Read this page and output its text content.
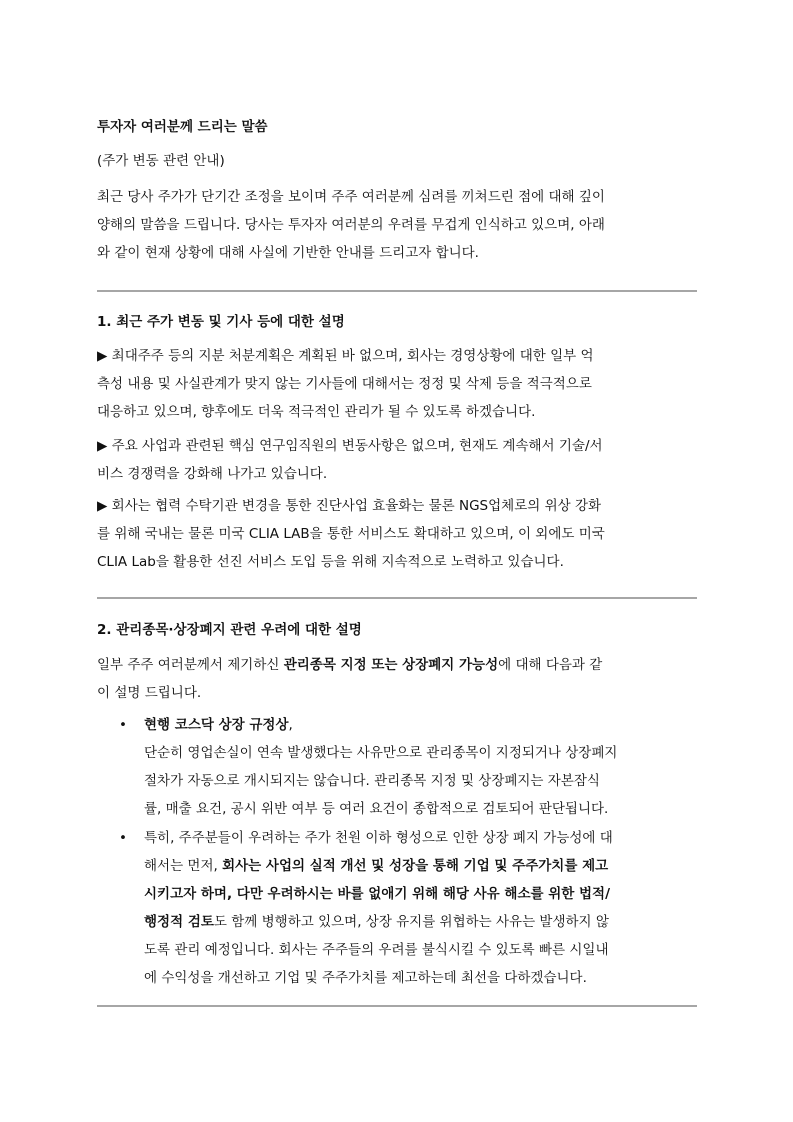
투자자 여러분께 드리는 말씀
(주가 변동 관련 안내)
최근 당사 주가가 단기간 조정을 보이며 주주 여러분께 심려를 끼쳐드린 점에 대해 깊이
양해의 말씀을 드립니다. 당사는 투자자 여러분의 우려를 무겁게 인식하고 있으며, 아래
와 같이 현재 상황에 대해 사실에 기반한 안내를 드리고자 합니다.
1. 최근 주가 변동 및 기사 등에 대한 설명
▶ 최대주주 등의 지분 처분계획은 계획된 바 없으며, 회사는 경영상황에 대한 일부 억
측성 내용 및 사실관계가 맞지 않는 기사들에 대해서는 정정 및 삭제 등을 적극적으로
대응하고 있으며, 향후에도 더욱 적극적인 관리가 될 수 있도록 하겠습니다.
▶ 주요 사업과 관련된 핵심 연구임직원의 변동사항은 없으며, 현재도 계속해서 기술/서
비스 경쟁력을 강화해 나가고 있습니다.
▶ 회사는 협력 수탁기관 변경을 통한 진단사업 효율화는 물론 NGS업체로의 위상 강화
를 위해 국내는 물론 미국 CLIA LAB을 통한 서비스도 확대하고 있으며, 이 외에도 미국
CLIA Lab을 활용한 선진 서비스 도입 등을 위해 지속적으로 노력하고 있습니다.
2. 관리종목·상장폐지 관련 우려에 대한 설명
일부 주주 여러분께서 제기하신 관리종목 지정 또는 상장폐지 가능성에 대해 다음과 같
이 설명 드립니다.
• 현행 코스닥 상장 규정상,
단순히 영업손실이 연속 발생했다는 사유만으로 관리종목이 지정되거나 상장폐지
절차가 자동으로 개시되지는 않습니다. 관리종목 지정 및 상장폐지는 자본잠식
률, 매출 요건, 공시 위반 여부 등 여러 요건이 종합적으로 검토되어 판단됩니다.
• 특히, 주주분들이 우려하는 주가 천원 이하 형성으로 인한 상장 폐지 가능성에 대
해서는 먼저, 회사는 사업의 실적 개선 및 성장을 통해 기업 및 주주가치를 제고
시키고자 하며, 다만 우려하시는 바를 없애기 위해 해당 사유 해소를 위한 법적/
행정적 검토도 함께 병행하고 있으며, 상장 유지를 위협하는 사유는 발생하지 않
도록 관리 예정입니다. 회사는 주주들의 우려를 불식시킬 수 있도록 빠른 시일내
에 수익성을 개선하고 기업 및 주주가치를 제고하는데 최선을 다하겠습니다.
